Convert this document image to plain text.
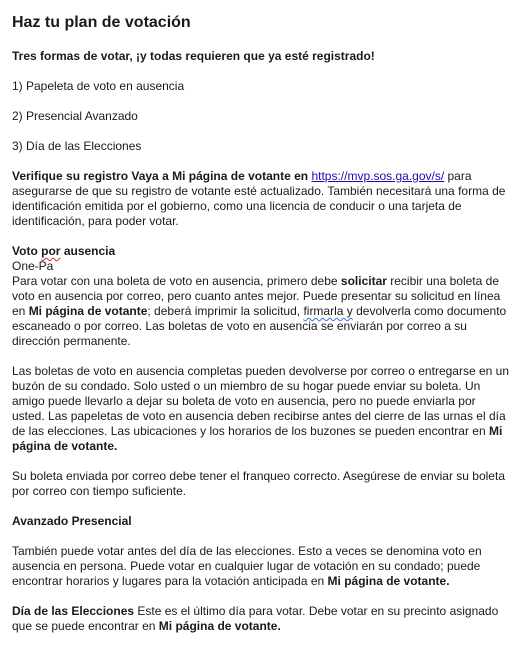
Haz tu plan de votación

Tres formas de votar, ¡y todas requieren que ya esté registrado!

1) Papeleta de voto en ausencia

2) Presencial Avanzado

3) Día de las Elecciones

Verifique su registro Vaya a Mi página de votante en https://mvp.sos.ga.gov/s/ para asegurarse de que su registro de votante esté actualizado. También necesitará una forma de identificación emitida por el gobierno, como una licencia de conducir o una tarjeta de identificación, para poder votar.

Voto por ausencia

One-Pa

Para votar con una boleta de voto en ausencia, primero debe solicitar recibir una boleta de voto en ausencia por correo, pero cuanto antes mejor. Puede presentar su solicitud en línea en Mi página de votante; deberá imprimir la solicitud, firmarla y devolverla como documento escaneado o por correo. Las boletas de voto en ausencia se enviarán por correo a su dirección permanente.

Las boletas de voto en ausencia completas pueden devolverse por correo o entregarse en un buzón de su condado. Solo usted o un miembro de su hogar puede enviar su boleta. Un amigo puede llevarlo a dejar su boleta de voto en ausencia, pero no puede enviarla por usted. Las papeletas de voto en ausencia deben recibirse antes del cierre de las urnas el día de las elecciones. Las ubicaciones y los horarios de los buzones se pueden encontrar en Mi página de votante.

Su boleta enviada por correo debe tener el franqueo correcto. Asegúrese de enviar su boleta por correo con tiempo suficiente.

Avanzado Presencial

También puede votar antes del día de las elecciones. Esto a veces se denomina voto en ausencia en persona. Puede votar en cualquier lugar de votación en su condado; puede encontrar horarios y lugares para la votación anticipada en Mi página de votante.

Día de las Elecciones Este es el último día para votar. Debe votar en su precinto asignado que se puede encontrar en Mi página de votante.
